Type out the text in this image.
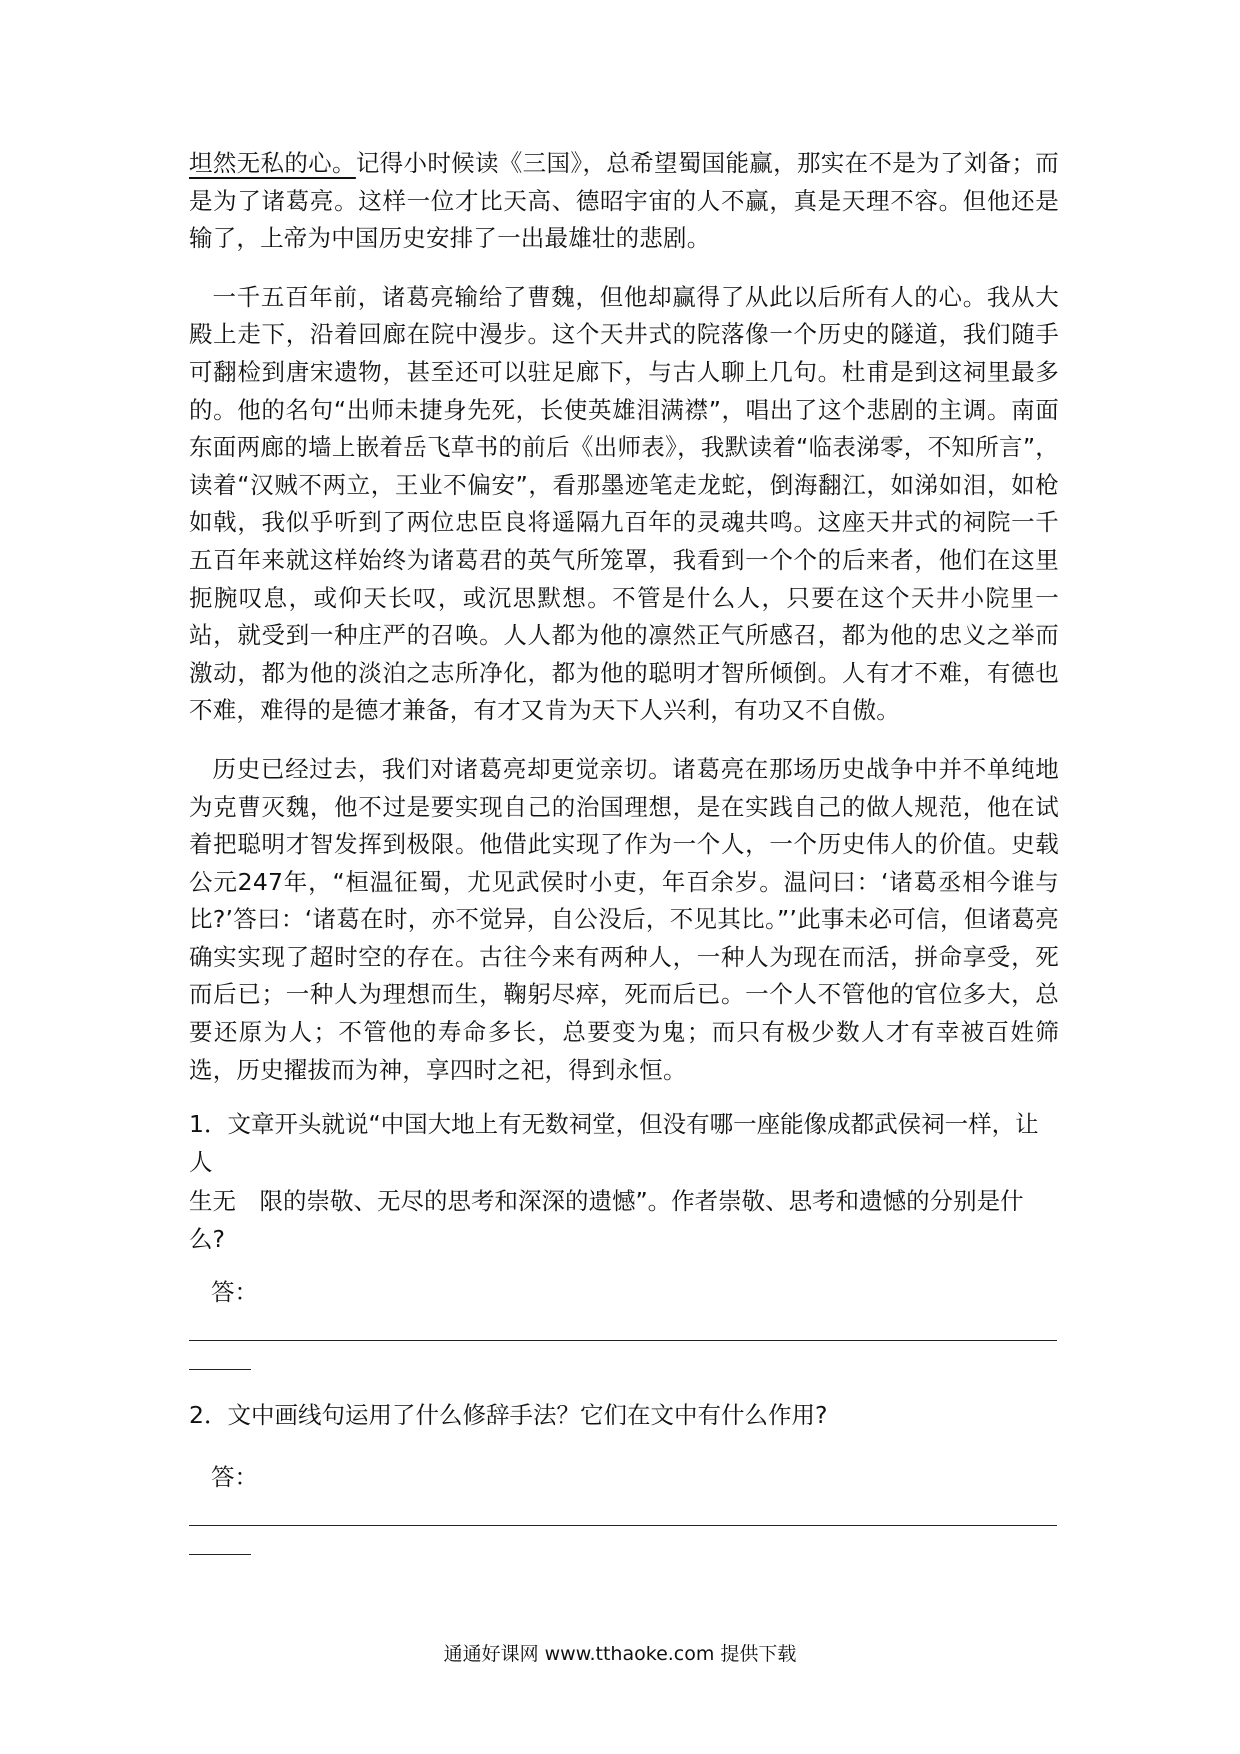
坦然无私的心。记得小时候读《三国》，总希望蜀国能赢，那实在不是为了刘备；而是为了诸葛亮。这样一位才比天高、德昭宇宙的人不赢，真是天理不容。但他还是输了，上帝为中国历史安排了一出最雄壮的悲剧。

一千五百年前，诸葛亮输给了曹魏，但他却赢得了从此以后所有人的心。我从大殿上走下，沿着回廊在院中漫步。这个天井式的院落像一个历史的隧道，我们随手可翻检到唐宋遗物，甚至还可以驻足廊下，与古人聊上几句。杜甫是到这祠里最多的。他的名句“出师未捷身先死，长使英雄泪满襟”，唱出了这个悲剧的主调。南面东面两廊的墙上嵌着岳飞草书的前后《出师表》，我默读着“临表涕零，不知所言”，读着“汉贼不两立，王业不偏安”，看那墨迹笔走龙蛇，倒海翻江，如涕如泪，如枪如戟，我似乎听到了两位忠臣良将遥隔九百年的灵魂共鸣。这座天井式的祠院一千五百年来就这样始终为诸葛君的英气所笼罩，我看到一个个的后来者，他们在这里扼腕叹息，或仰天长叹，或沉思默想。不管是什么人，只要在这个天井小院里一站，就受到一种庄严的召唤。人人都为他的凛然正气所感召，都为他的忠义之举而激动，都为他的淡泊之志所净化，都为他的聪明才智所倾倒。人有才不难，有德也不难，难得的是德才兼备，有才又肯为天下人兴利，有功又不自傲。

历史已经过去，我们对诸葛亮却更觉亲切。诸葛亮在那场历史战争中并不单纯地为克曹灭魏，他不过是要实现自己的治国理想，是在实践自己的做人规范，他在试着把聪明才智发挥到极限。他借此实现了作为一个人，一个历史伟人的价值。史载公元247年，“桓温征蜀，尤见武侯时小吏，年百余岁。温问曰：‘诸葛丞相今谁与比?’答曰：‘诸葛在时，亦不觉异，自公没后，不见其比。”’此事未必可信，但诸葛亮确实实现了超时空的存在。古往今来有两种人，一种人为现在而活，拼命享受，死而后已；一种人为理想而生，鞠躬尽瘁，死而后已。一个人不管他的官位多大，总要还原为人；不管他的寿命多长，总要变为鬼；而只有极少数人才有幸被百姓筛选，历史擢拔而为神，享四时之祀，得到永恒。

1．文章开头就说“中国大地上有无数祠堂，但没有哪一座能像成都武侯祠一样，让人

生无　限的崇敬、无尽的思考和深深的遗憾”。作者崇敬、思考和遗憾的分别是什么?

答：

2．文中画线句运用了什么修辞手法？它们在文中有什么作用?

答：

通通好课网 www.tthaoke.com 提供下载
